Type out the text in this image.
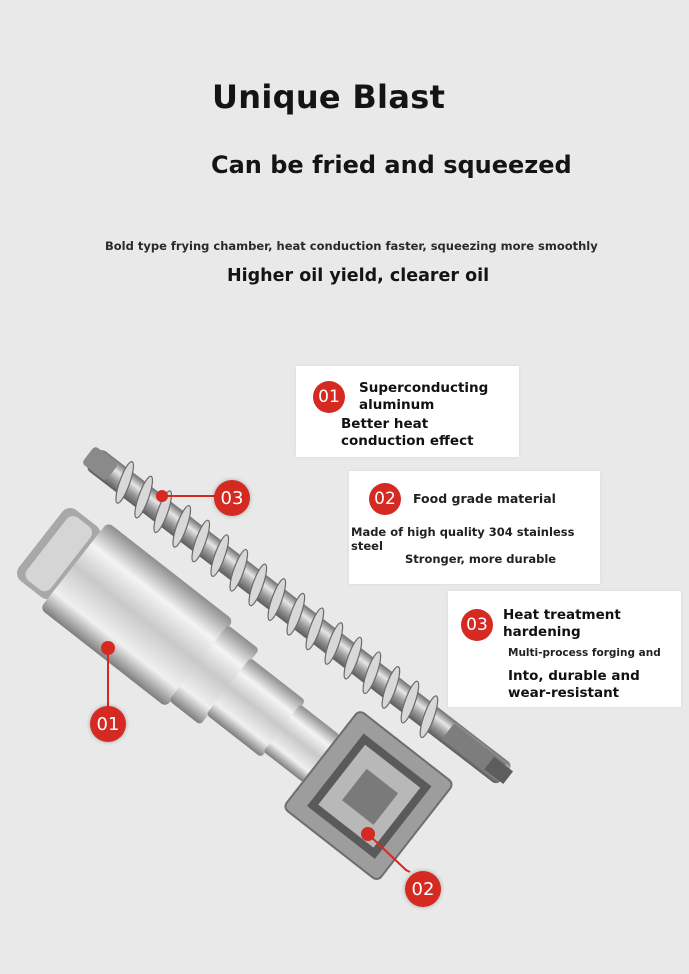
Unique Blast
Can be fried and squeezed
Bold type frying chamber, heat conduction faster, squeezing more smoothly
Higher oil yield, clearer oil
01	Superconducting aluminum
Better heat conduction effect
02	Food grade material
Made of high quality 304 stainless steel
Stronger, more durable
03	Heat treatment hardening
Multi-process forging and
Into, durable and wear-resistant
03
01
02
